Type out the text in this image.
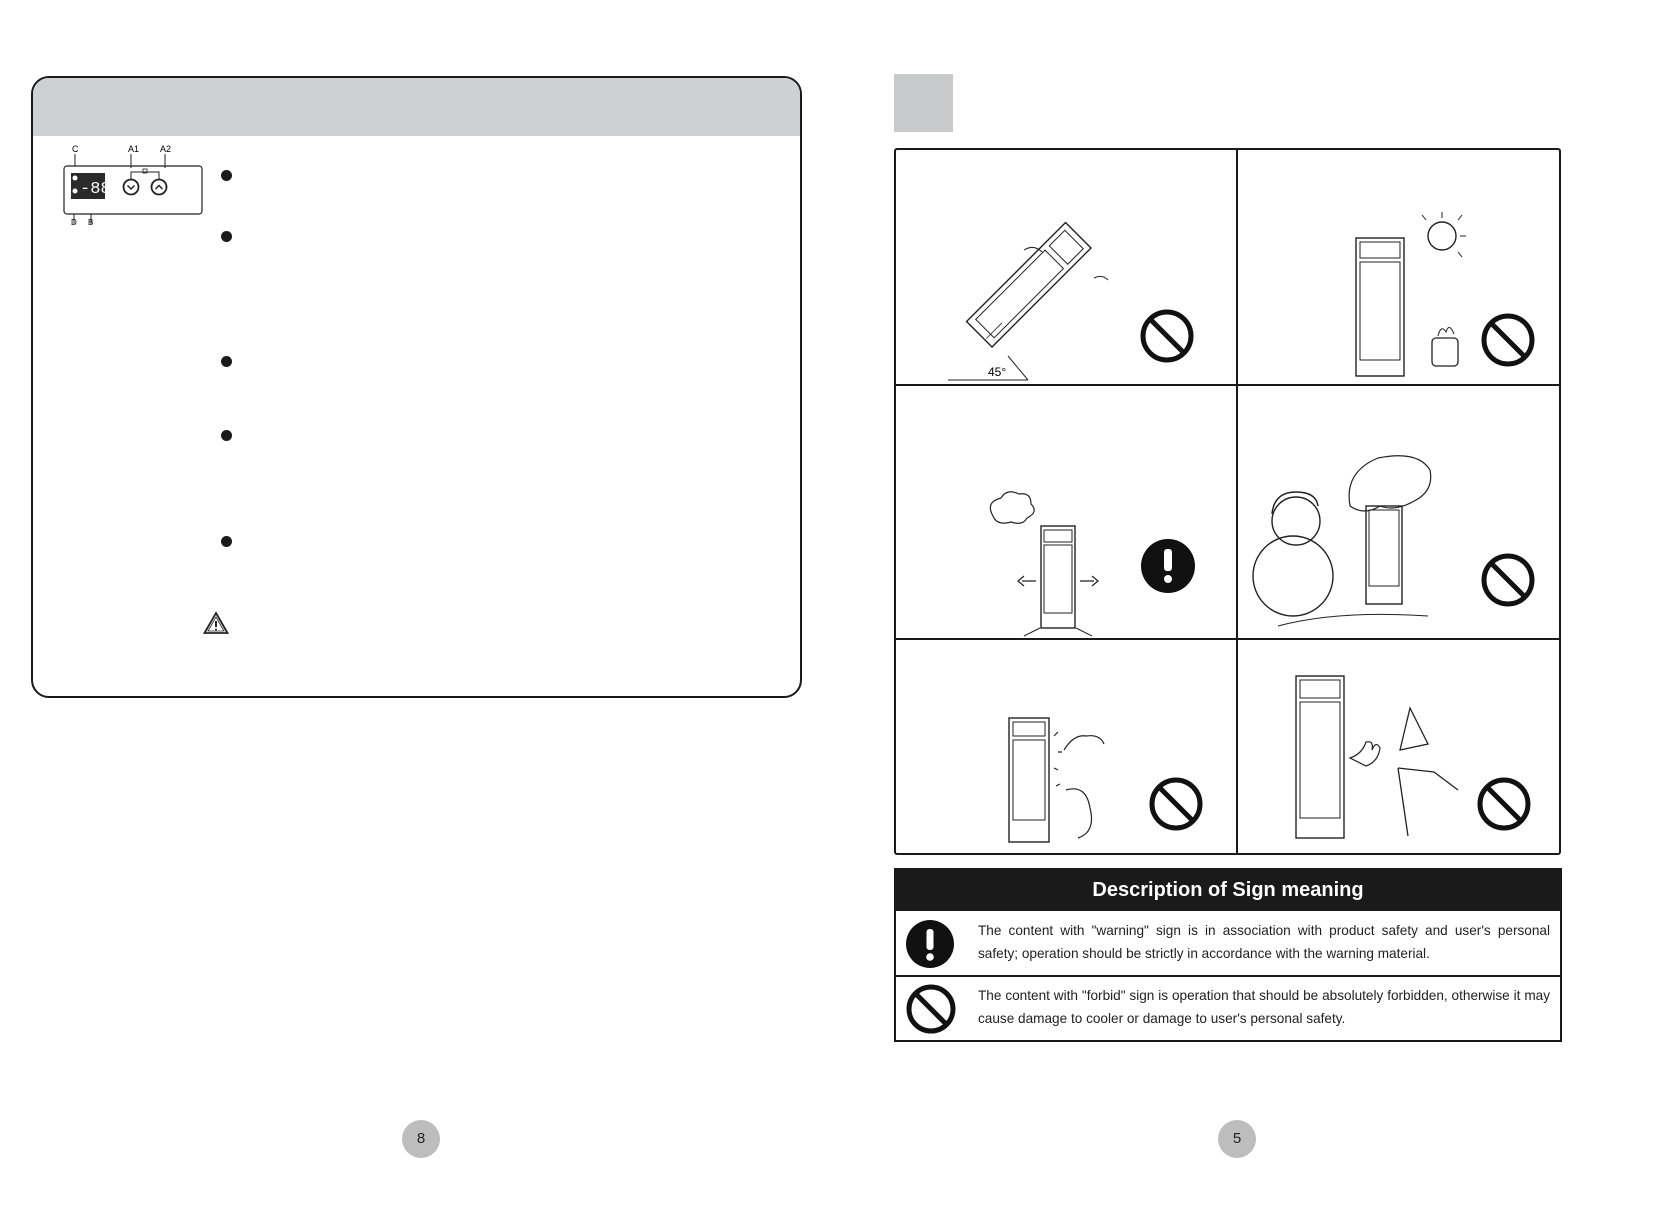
C	A1 A2
-88
D B
8
45°
Description of Sign meaning
The content with "warning" sign is in association with product safety and user's personal safety; operation should be strictly in accordance with the warning material.
The content with "forbid" sign is operation that should be absolutely forbidden, otherwise it may cause damage to cooler or damage to user's personal safety.
5
